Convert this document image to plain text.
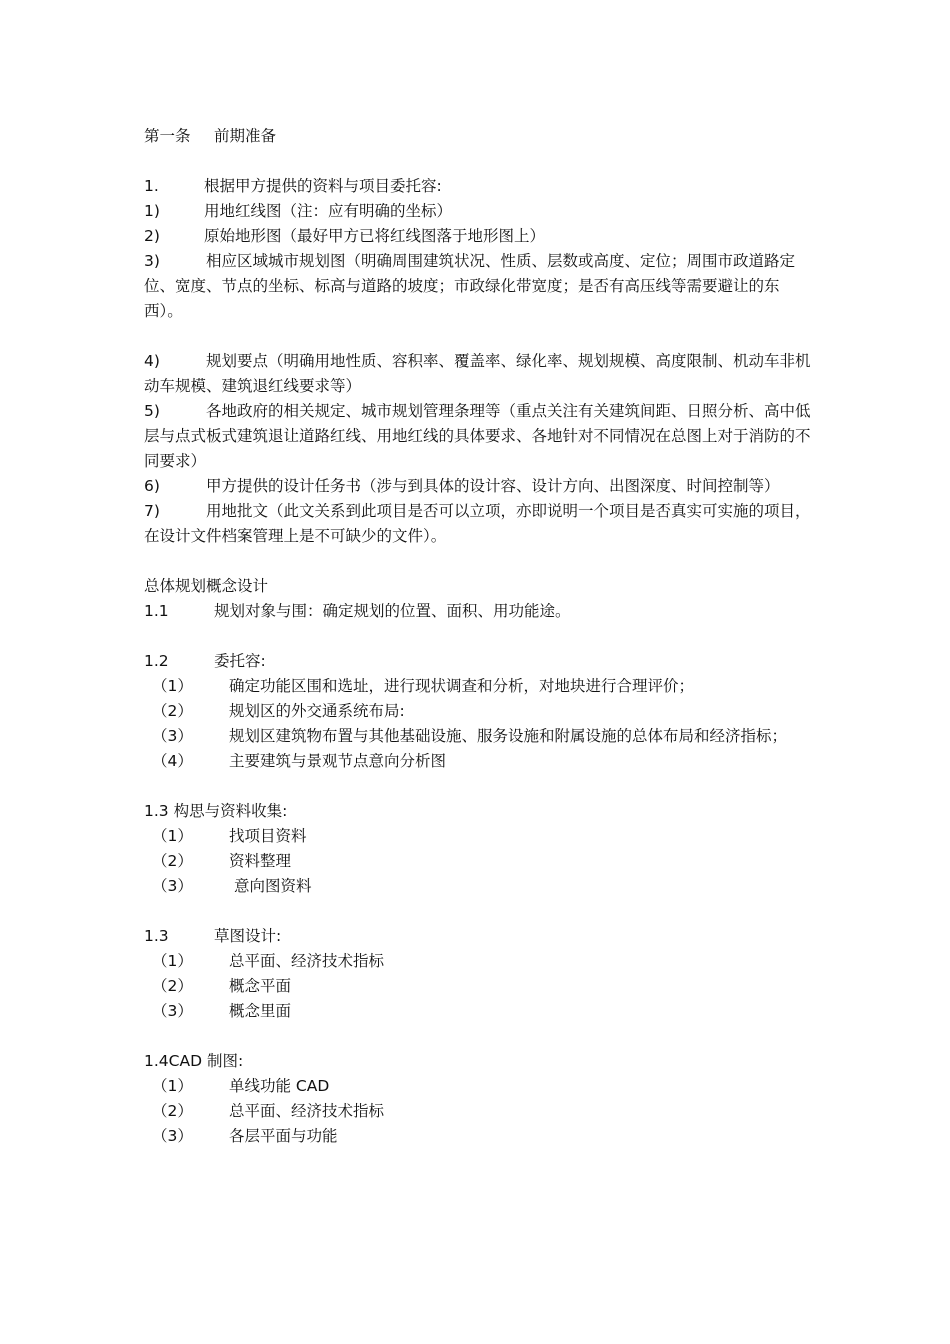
第一条 前期准备
1.	根据甲方提供的资料与项目委托容:
1)	用地红线图（注：应有明确的坐标）
2)	原始地形图（最好甲方已将红线图落于地形图上）
3)	相应区域城市规划图（明确周围建筑状况、性质、层数或高度、定位；周围市政道路定位、宽度、节点的坐标、标高与道路的坡度；市政绿化带宽度；是否有高压线等需要避让的东西）。
4)	规划要点（明确用地性质、容积率、覆盖率、绿化率、规划规模、高度限制、机动车非机动车规模、建筑退红线要求等）
5)	各地政府的相关规定、城市规划管理条理等（重点关注有关建筑间距、日照分析、高中低层与点式板式建筑退让道路红线、用地红线的具体要求、各地针对不同情况在总图上对于消防的不同要求）
6)	甲方提供的设计任务书（涉与到具体的设计容、设计方向、出图深度、时间控制等）
7)	用地批文（此文关系到此项目是否可以立项，亦即说明一个项目是否真实可实施的项目，在设计文件档案管理上是不可缺少的文件）。
总体规划概念设计
1.1	规划对象与围：确定规划的位置、面积、用功能途。
1.2	委托容:
（1） 确定功能区围和选址，进行现状调查和分析，对地块进行合理评价；
（2） 规划区的外交通系统布局:
（3） 规划区建筑物布置与其他基础设施、服务设施和附属设施的总体布局和经济指标；
（4） 主要建筑与景观节点意向分析图
1.3 构思与资料收集:
（1） 找项目资料
（2） 资料整理
（3）	意向图资料
1.3	草图设计:
（1） 总平面、经济技术指标
（2） 概念平面
（3） 概念里面
1.4CAD 制图:
（1） 单线功能 CAD
（2） 总平面、经济技术指标
（3） 各层平面与功能
